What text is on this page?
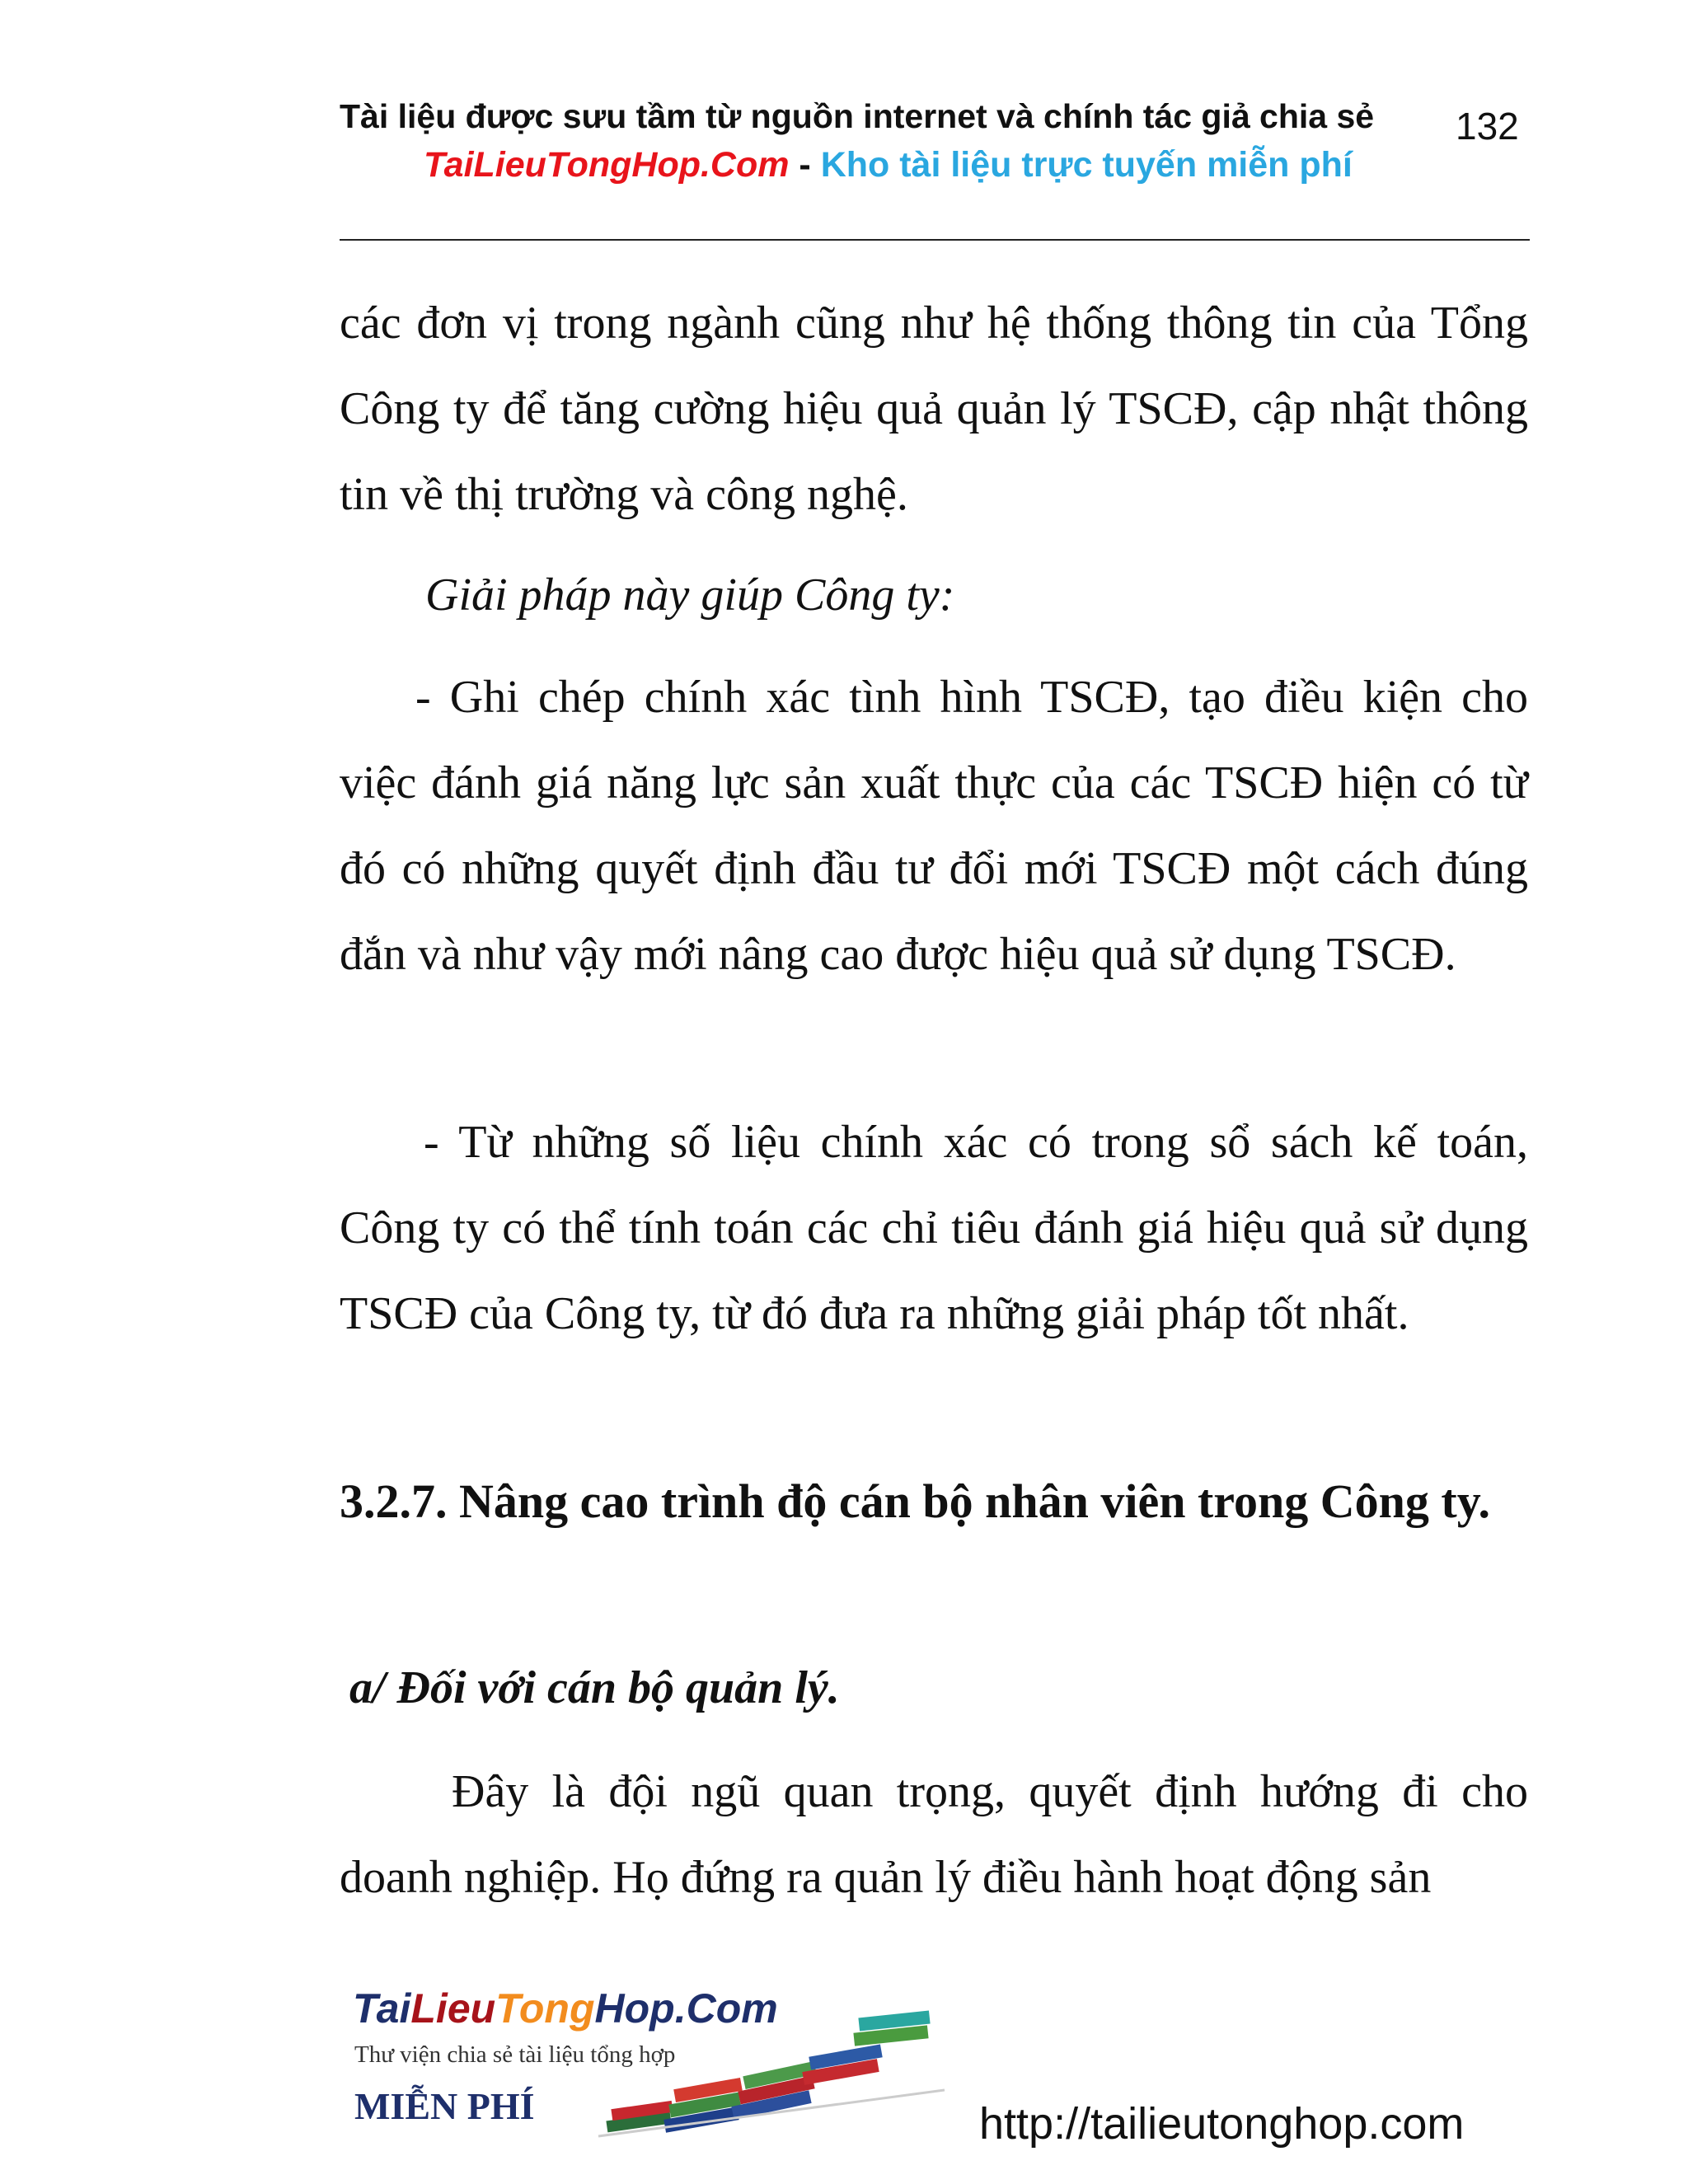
Tài liệu được sưu tầm từ nguồn internet và chính tác giả chia sẻ	132
TaiLieuTongHop.Com - Kho tài liệu trực tuyến miễn phí
các đơn vị trong ngành cũng như hệ thống thông tin của Tổng Công ty để tăng cường hiệu quả quản lý TSCĐ, cập nhật thông tin về thị trường và công nghệ.
Giải pháp này giúp Công ty:
- Ghi chép chính xác tình hình TSCĐ, tạo điều kiện cho việc đánh giá năng lực sản xuất thực của các TSCĐ hiện có từ đó có những quyết định đầu tư đổi mới TSCĐ một cách đúng đắn và như vậy mới nâng cao được hiệu quả sử dụng TSCĐ.
- Từ những số liệu chính xác có trong sổ sách kế toán, Công ty có thể tính toán các chỉ tiêu đánh giá hiệu quả sử dụng TSCĐ của Công ty, từ đó đưa ra những giải pháp tốt nhất.
3.2.7. Nâng cao trình độ cán bộ nhân viên trong Công ty.
a/ Đối với cán bộ quản lý.
Đây là đội ngũ quan trọng, quyết định hướng đi cho doanh nghiệp. Họ đứng ra quản lý điều hành hoạt động sản
TaiLieuTongHop.Com
Thư viện chia sẻ tài liệu tổng hợp
MIỄN PHÍ	http://tailieutonghop.com
